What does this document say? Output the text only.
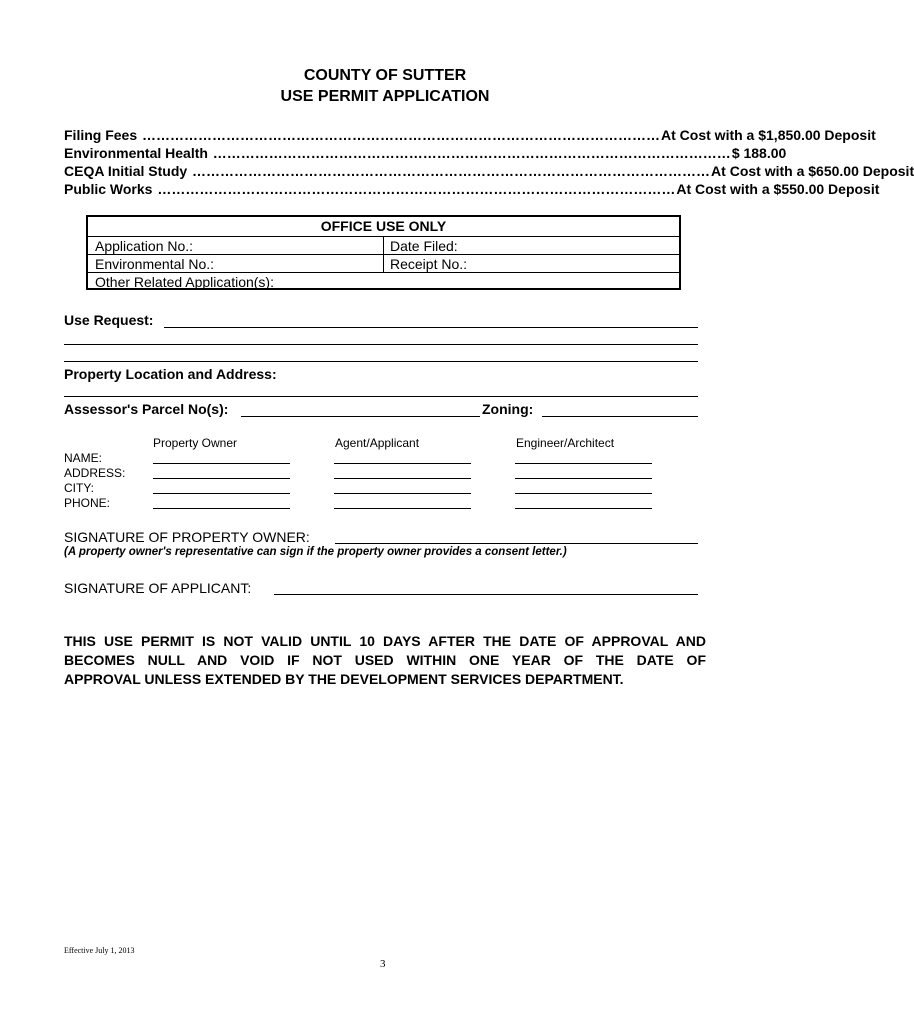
COUNTY OF SUTTER
USE PERMIT APPLICATION
Filing Fees ………………………………………………………………………………………………… At Cost with a $1,850.00 Deposit
Environmental Health ………………………………………………………………………………………………… $ 188.00
CEQA Initial Study ………………………………………………………………………………………………… At Cost with a $650.00 Deposit
Public Works ………………………………………………………………………………………………… At Cost with a $550.00 Deposit
OFFICE USE ONLY
Application No.:	Date Filed:
Environmental No.:	Receipt No.:
Other Related Application(s):
Use Request:
Property Location and Address:
Assessor's Parcel No(s):	Zoning:
Property Owner	Agent/Applicant	Engineer/Architect
NAME:
ADDRESS:
CITY:
PHONE:
SIGNATURE OF PROPERTY OWNER:
(A property owner's representative can sign if the property owner provides a consent letter.)
SIGNATURE OF APPLICANT:
THIS USE PERMIT IS NOT VALID UNTIL 10 DAYS AFTER THE DATE OF APPROVAL AND
BECOMES NULL AND VOID IF NOT USED WITHIN ONE YEAR OF THE DATE OF
APPROVAL UNLESS EXTENDED BY THE DEVELOPMENT SERVICES DEPARTMENT.
Effective July 1, 2013
3
